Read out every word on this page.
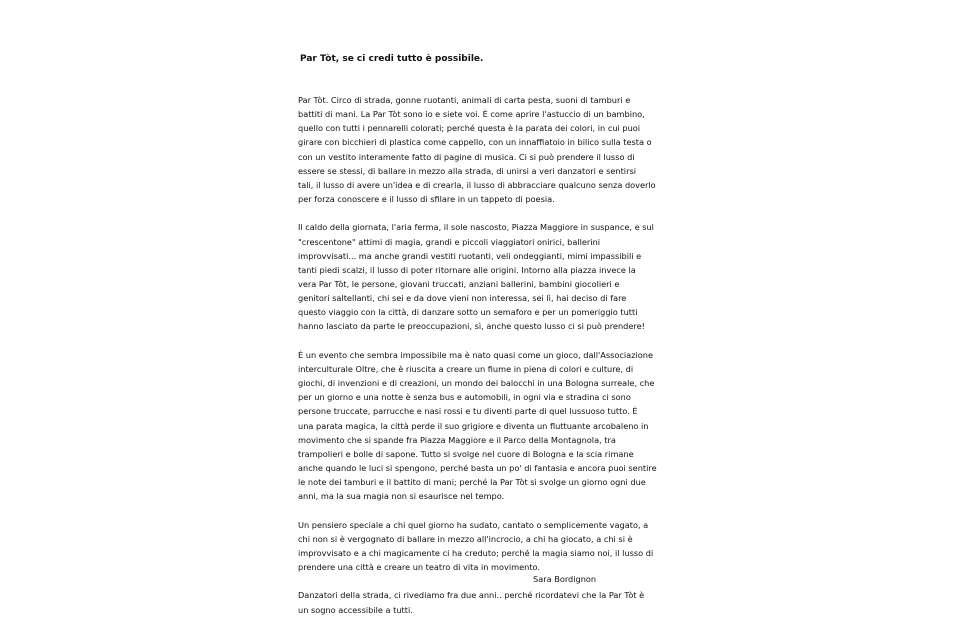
Par Tòt, se ci credi tutto è possibile.
Par Tòt. Circo di strada, gonne ruotanti, animali di carta pesta, suoni di tamburi e
battiti di mani. La Par Tòt sono io e siete voi. È come aprire l'astuccio di un bambino,
quello con tutti i pennarelli colorati; perché questa è la parata dei colori, in cui puoi
girare con bicchieri di plastica come cappello, con un innaffiatoio in bilico sulla testa o
con un vestito interamente fatto di pagine di musica. Ci si può prendere il lusso di
essere se stessi, di ballare in mezzo alla strada, di unirsi a veri danzatori e sentirsi
tali, il lusso di avere un'idea e di crearla, il lusso di abbracciare qualcuno senza doverlo
per forza conoscere e il lusso di sfilare in un tappeto di poesia.
Il caldo della giornata, l'aria ferma, il sole nascosto, Piazza Maggiore in suspance, e sul
"crescentone" attimi di magia, grandi e piccoli viaggiatori onirici, ballerini
improvvisati... ma anche grandi vestiti ruotanti, veli ondeggianti, mimi impassibili e
tanti piedi scalzi, il lusso di poter ritornare alle origini. Intorno alla piazza invece la
vera Par Tòt, le persone, giovani truccati, anziani ballerini, bambini giocolieri e
genitori saltellanti, chi sei e da dove vieni non interessa, sei lì, hai deciso di fare
questo viaggio con la città, di danzare sotto un semaforo e per un pomeriggio tutti
hanno lasciato da parte le preoccupazioni, sì, anche questo lusso ci si può prendere!
È un evento che sembra impossibile ma è nato quasi come un gioco, dall'Associazione
interculturale Oltre, che è riuscita a creare un fiume in piena di colori e culture, di
giochi, di invenzioni e di creazioni, un mondo dei balocchi in una Bologna surreale, che
per un giorno e una notte è senza bus e automobili, in ogni via e stradina ci sono
persone truccate, parrucche e nasi rossi e tu diventi parte di quel lussuoso tutto. È
una parata magica, la città perde il suo grigiore e diventa un fluttuante arcobaleno in
movimento che si spande fra Piazza Maggiore e il Parco della Montagnola, tra
trampolieri e bolle di sapone. Tutto si svolge nel cuore di Bologna e la scia rimane
anche quando le luci si spengono, perché basta un po' di fantasia e ancora puoi sentire
le note dei tamburi e il battito di mani; perché la Par Tòt si svolge un giorno ogni due
anni, ma la sua magia non si esaurisce nel tempo.
Un pensiero speciale a chi quel giorno ha sudato, cantato o semplicemente vagato, a
chi non si è vergognato di ballare in mezzo all'incrocio, a chi ha giocato, a chi si è
improvvisato e a chi magicamente ci ha creduto; perché la magia siamo noi, il lusso di
prendere una città e creare un teatro di vita in movimento.
Danzatori della strada, ci rivediamo fra due anni.. perché ricordatevi che la Par Tòt è
un sogno accessibile a tutti.
Sara Bordignon
